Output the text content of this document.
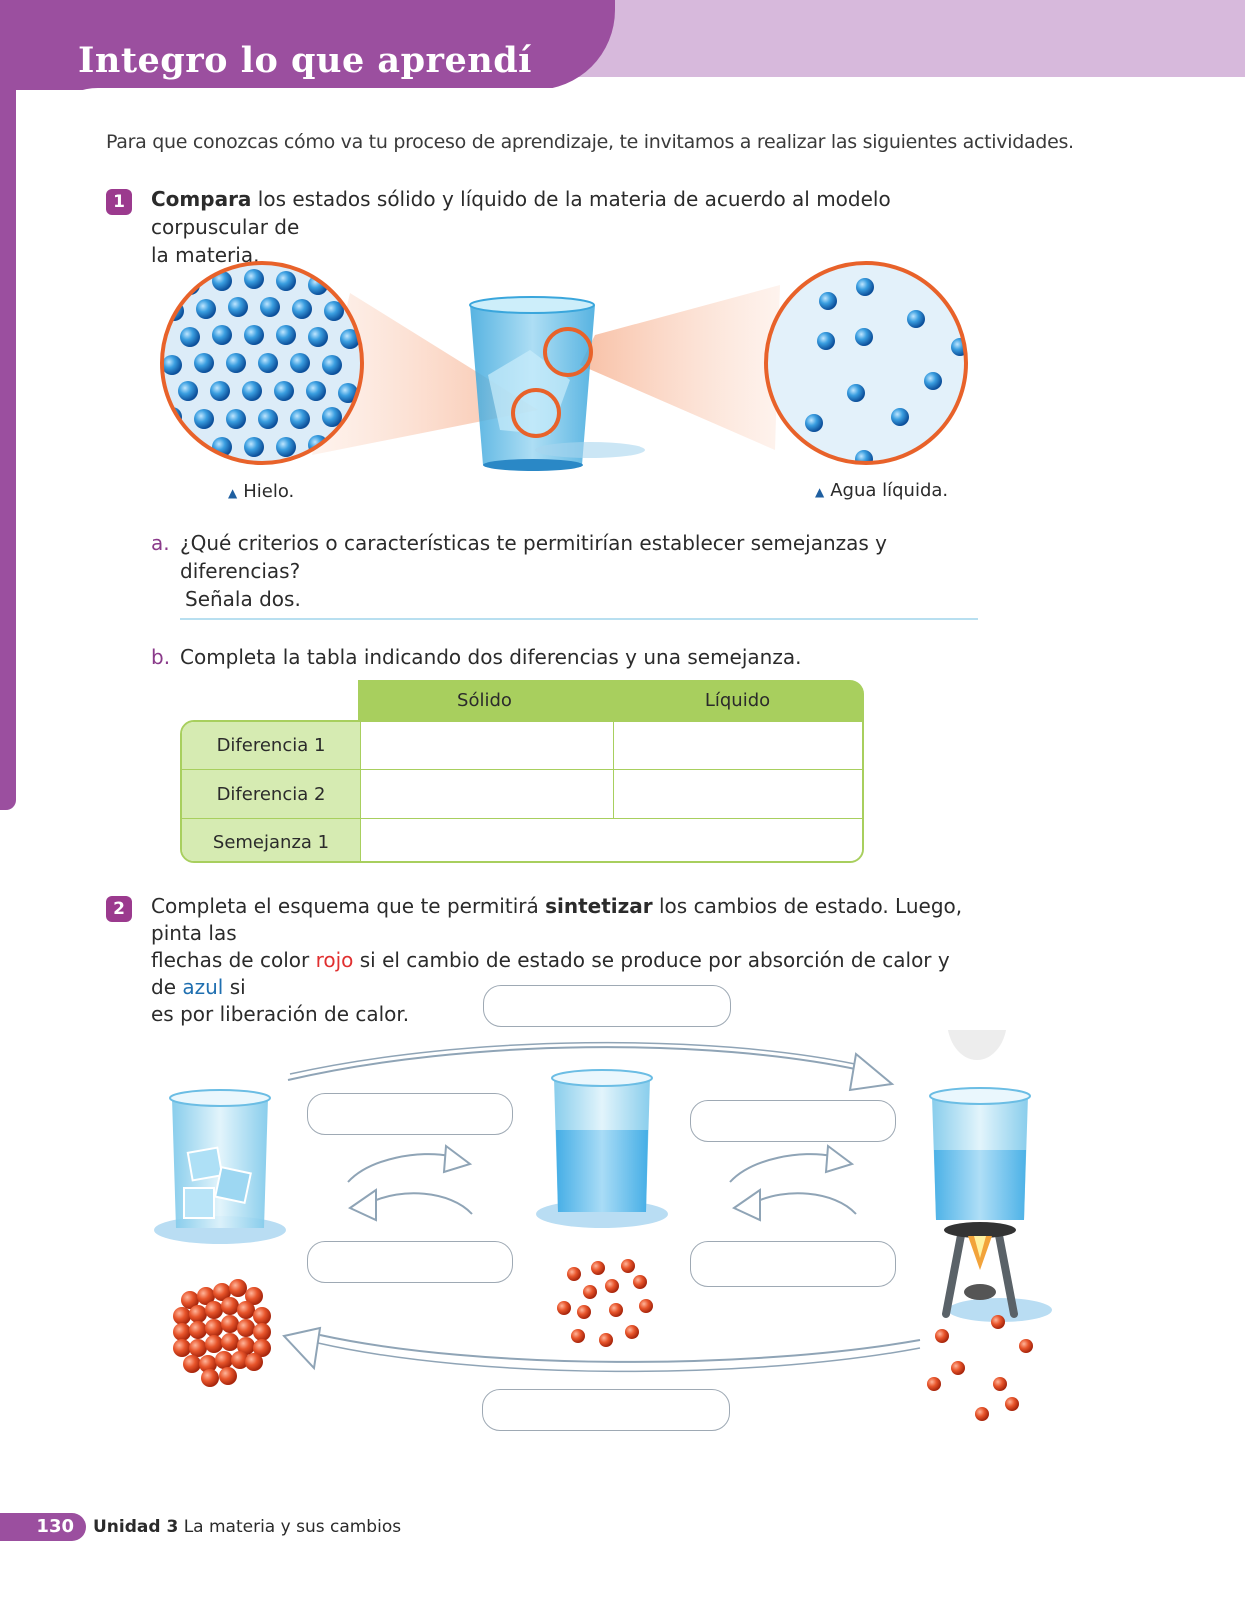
Integro lo que aprendí
Para que conozcas cómo va tu proceso de aprendizaje, te invitamos a realizar las siguientes actividades.
1	Compara los estados sólido y líquido de la materia de acuerdo al modelo corpuscular de
la materia.
▲ Hielo.	▲ Agua líquida.
a. ¿Qué criterios o características te permitirían establecer semejanzas y diferencias?
Señala dos.
b. Completa la tabla indicando dos diferencias y una semejanza.
Sólido	Líquido
Diferencia 1
Diferencia 2
Semejanza 1
2	Completa el esquema que te permitirá sintetizar los cambios de estado. Luego, pinta las
flechas de color rojo si el cambio de estado se produce por absorción de calor y de azul si
es por liberación de calor.
130	Unidad 3 La materia y sus cambios
